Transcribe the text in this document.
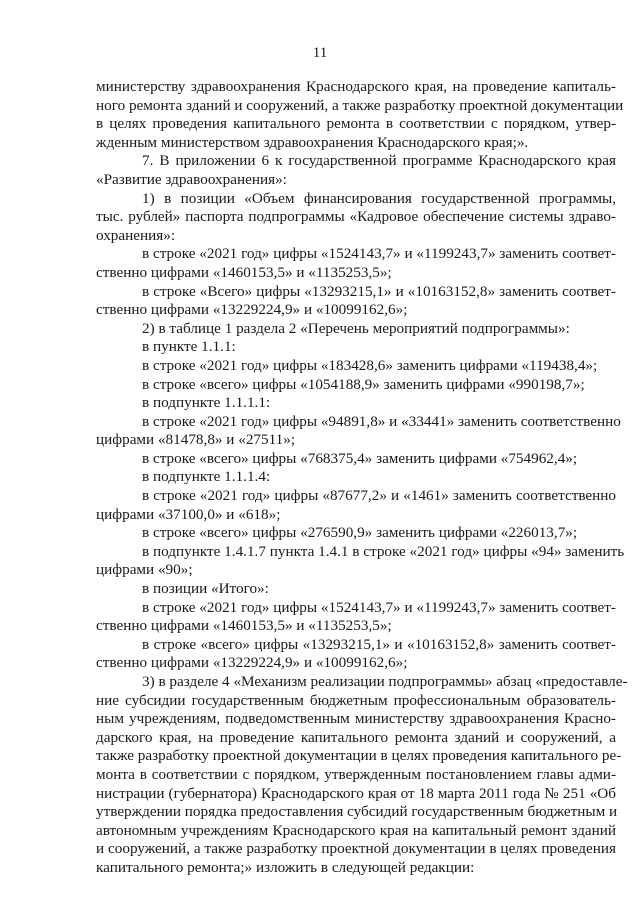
11
министерству здравоохранения Краснодарского края, на проведение капиталь-
ного ремонта зданий и сооружений, а также разработку проектной документации
в целях проведения капитального ремонта в соответствии с порядком, утвер-
жденным министерством здравоохранения Краснодарского края;».
7. В приложении 6 к государственной программе Краснодарского края
«Развитие здравоохранения»:
1) в позиции «Объем финансирования государственной программы,
тыс. рублей» паспорта подпрограммы «Кадровое обеспечение системы здраво-
охранения»:
в строке «2021 год» цифры «1524143,7» и «1199243,7» заменить соответ-
ственно цифрами «1460153,5» и «1135253,5»;
в строке «Всего» цифры «13293215,1» и «10163152,8» заменить соответ-
ственно цифрами «13229224,9» и «10099162,6»;
2) в таблице 1 раздела 2 «Перечень мероприятий подпрограммы»:
в пункте 1.1.1:
в строке «2021 год» цифры «183428,6» заменить цифрами «119438,4»;
в строке «всего» цифры «1054188,9» заменить цифрами «990198,7»;
в подпункте 1.1.1.1:
в строке «2021 год» цифры «94891,8» и «33441» заменить соответственно
цифрами «81478,8» и «27511»;
в строке «всего» цифры «768375,4» заменить цифрами «754962,4»;
в подпункте 1.1.1.4:
в строке «2021 год» цифры «87677,2» и «1461» заменить соответственно
цифрами «37100,0» и «618»;
в строке «всего» цифры «276590,9» заменить цифрами «226013,7»;
в подпункте 1.4.1.7 пункта 1.4.1 в строке «2021 год» цифры «94» заменить
цифрами «90»;
в позиции «Итого»:
в строке «2021 год» цифры «1524143,7» и «1199243,7» заменить соответ-
ственно цифрами «1460153,5» и «1135253,5»;
в строке «всего» цифры «13293215,1» и «10163152,8» заменить соответ-
ственно цифрами «13229224,9» и «10099162,6»;
3) в разделе 4 «Механизм реализации подпрограммы» абзац «предоставле-
ние субсидии государственным бюджетным профессиональным образователь-
ным учреждениям, подведомственным министерству здравоохранения Красно-
дарского края, на проведение капитального ремонта зданий и сооружений, а
также разработку проектной документации в целях проведения капитального ре-
монта в соответствии с порядком, утвержденным постановлением главы адми-
нистрации (губернатора) Краснодарского края от 18 марта 2011 года № 251 «Об
утверждении порядка предоставления субсидий государственным бюджетным и
автономным учреждениям Краснодарского края на капитальный ремонт зданий
и сооружений, а также разработку проектной документации в целях проведения
капитального ремонта;» изложить в следующей редакции:
